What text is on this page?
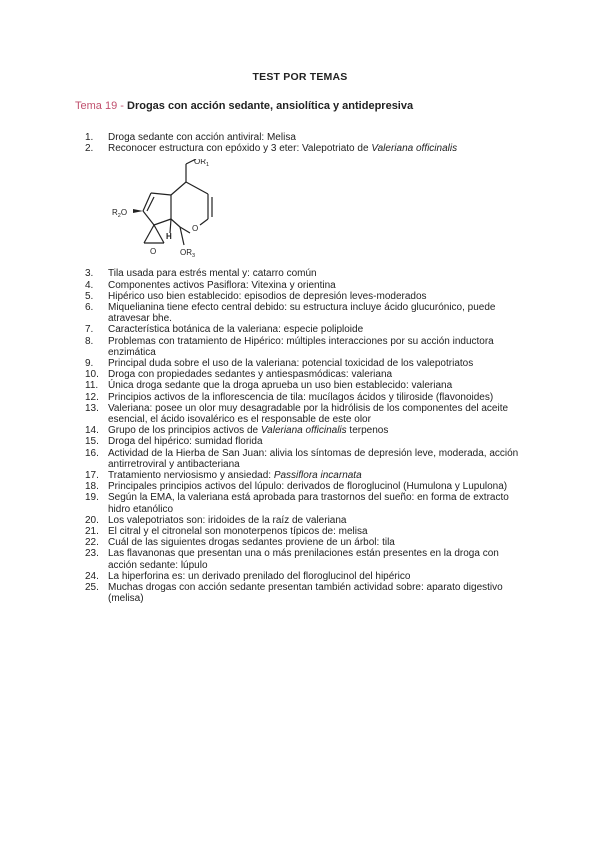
TEST POR TEMAS
Tema 19 - Drogas con acción sedante, ansiolítica y antidepresiva
1.	Droga sedante con acción antiviral: Melisa
2.	Reconocer estructura con epóxido y 3 eter: Valepotriato de Valeriana officinalis
$OR_1$
$R_2O$
H
O
$OR_3$
O
3.	Tila usada para estrés mental y: catarro común
4.	Componentes activos Pasiflora: Vitexina y orientina
5.	Hipérico uso bien establecido: episodios de depresión leves-moderados
6.	Miquelianina tiene efecto central debido: su estructura incluye ácido glucurónico, puede atravesar bhe.
7.	Característica botánica de la valeriana: especie poliploide
8.	Problemas con tratamiento de Hipérico: múltiples interacciones por su acción inductora enzimática
9.	Principal duda sobre el uso de la valeriana: potencial toxicidad de los valepotriatos
10. Droga con propiedades sedantes y antiespasmódicas: valeriana
11. Única droga sedante que la droga aprueba un uso bien establecido: valeriana
12. Principios activos de la inflorescencia de tila: mucílagos ácidos y tiliroside (flavonoides)
13. Valeriana: posee un olor muy desagradable por la hidrólisis de los componentes del aceite esencial, el ácido isovalérico es el responsable de este olor
14. Grupo de los principios activos de Valeriana officinalis terpenos
15. Droga del hipérico: sumidad florida
16. Actividad de la Hierba de San Juan: alivia los síntomas de depresión leve, moderada, acción antirretroviral y antibacteriana
17. Tratamiento nerviosismo y ansiedad: Passiflora incarnata
18. Principales principios activos del lúpulo: derivados de floroglucinol (Humulona y Lupulona)
19. Según la EMA, la valeriana está aprobada para trastornos del sueño: en forma de extracto hidro etanólico
20. Los valepotriatos son: iridoides de la raíz de valeriana
21. El citral y el citronelal son monoterpenos típicos de: melisa
22. Cuál de las siguientes drogas sedantes proviene de un árbol: tila
23. Las flavanonas que presentan una o más prenilaciones están presentes en la droga con acción sedante: lúpulo
24. La hiperforina es: un derivado prenilado del floroglucinol del hipérico
25. Muchas drogas con acción sedante presentan también actividad sobre: aparato digestivo (melisa)
